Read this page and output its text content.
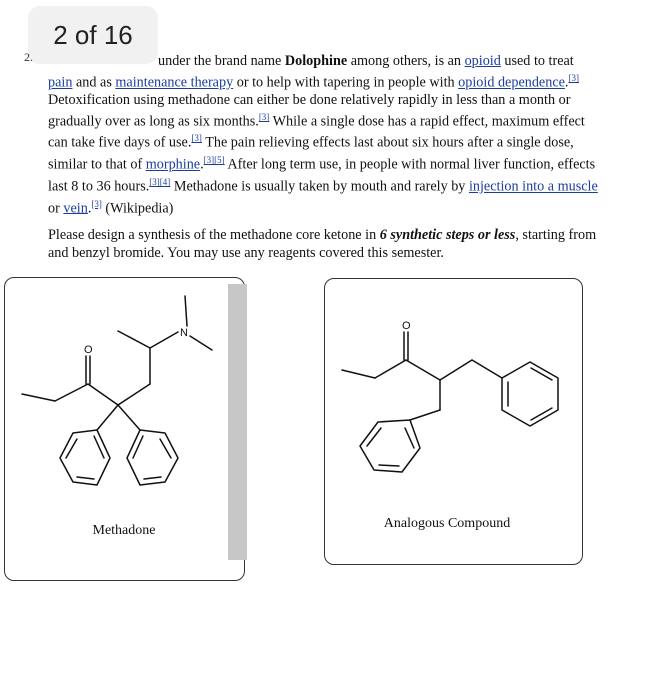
2 of 16
2.	under the brand name Dolophine among others, is an opioid used to treat
pain and as maintenance therapy or to help with tapering in people with opioid dependence.[3] Detoxification using methadone can either be done relatively rapidly in less than a month or gradually over as long as six months.[3] While a single dose has a rapid effect, maximum effect can take five days of use.[3] The pain relieving effects last about six hours after a single dose, similar to that of morphine.[3][5] After long term use, in people with normal liver function, effects last 8 to 36 hours.[3][4] Methadone is usually taken by mouth and rarely by injection into a muscle or vein.[3] (Wikipedia)
Please design a synthesis of the methadone core ketone in 6 synthetic steps or less, starting from and benzyl bromide. You may use any reagents covered this semester.
O
N
O
Methadone	Analogous Compound
